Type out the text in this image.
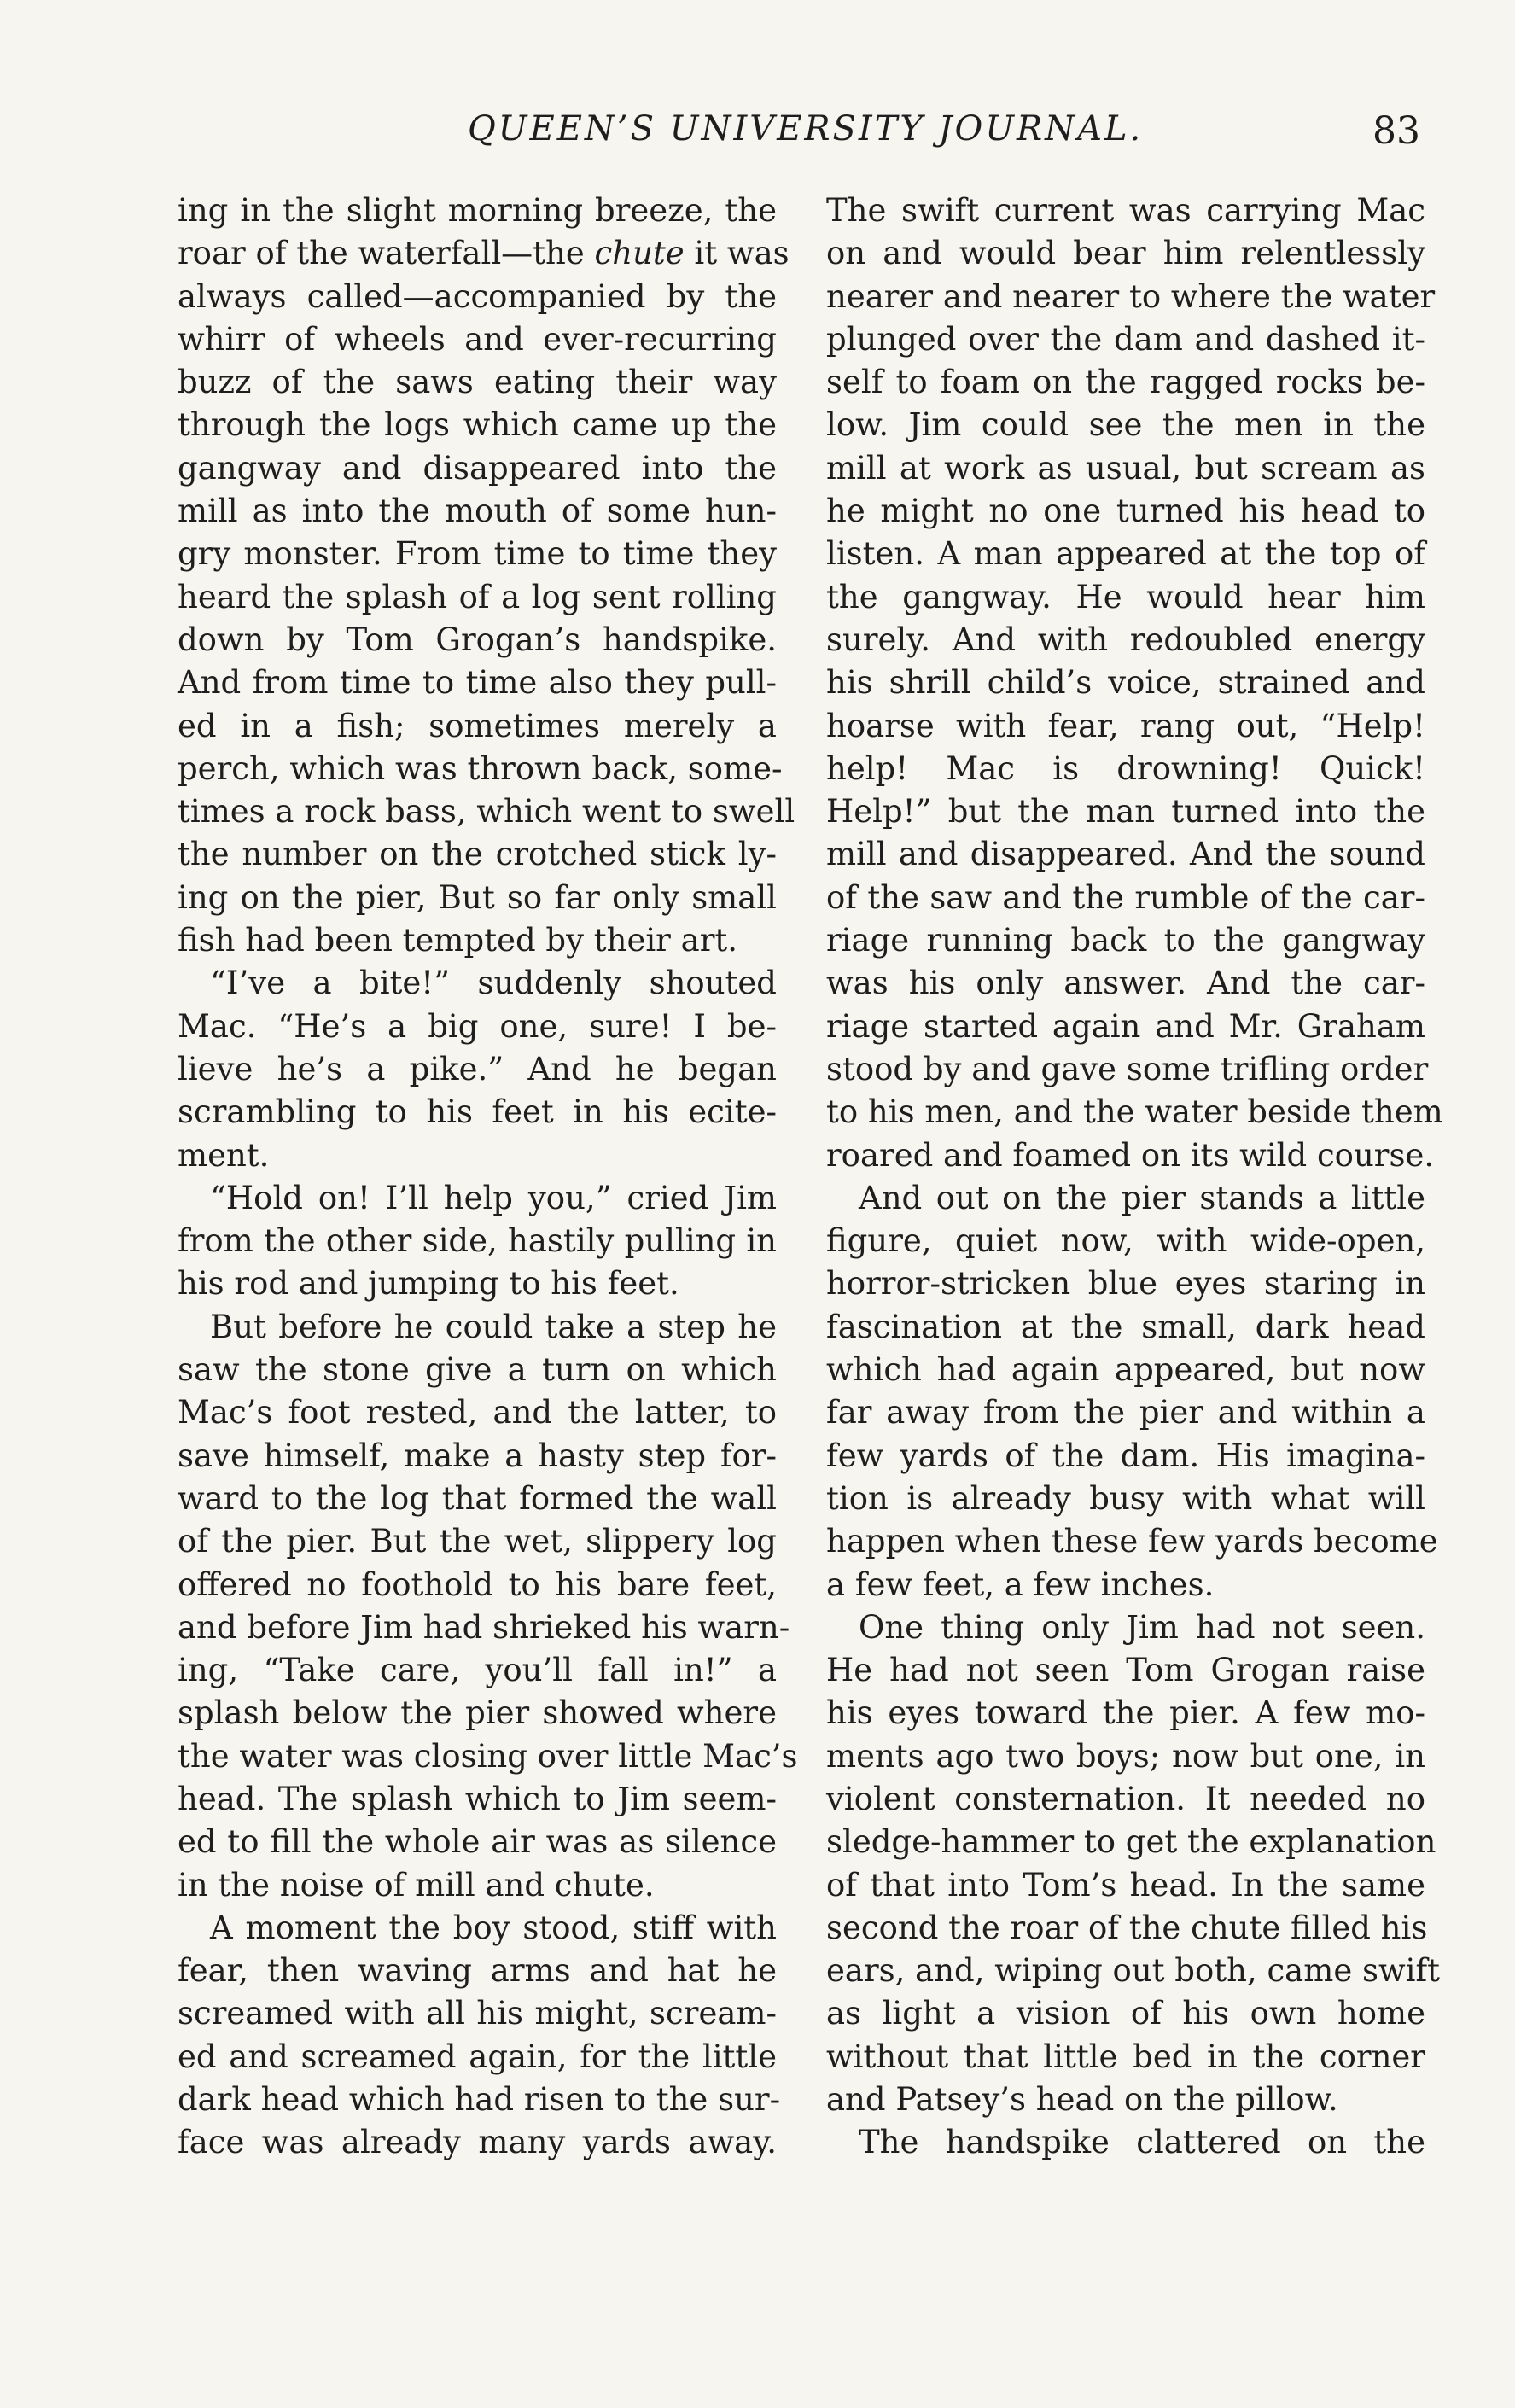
QUEEN’S UNIVERSITY JOURNAL.	83
ing in the slight morning breeze, the
roar of the waterfall—the chute it was
always called—accompanied by the
whirr of wheels and ever-recurring
buzz of the saws eating their way
through the logs which came up the
gangway and disappeared into the
mill as into the mouth of some hun-
gry monster. From time to time they
heard the splash of a log sent rolling
down by Tom Grogan’s handspike.
And from time to time also they pull-
ed in a fish; sometimes merely a
perch, which was thrown back, some-
times a rock bass, which went to swell
the number on the crotched stick ly-
ing on the pier, But so far only small
fish had been tempted by their art.
“I’ve a bite!” suddenly shouted
Mac. “He’s a big one, sure! I be-
lieve he’s a pike.” And he began
scrambling to his feet in his ecite-
ment.
“Hold on! I’ll help you,” cried Jim
from the other side, hastily pulling in
his rod and jumping to his feet.
But before he could take a step he
saw the stone give a turn on which
Mac’s foot rested, and the latter, to
save himself, make a hasty step for-
ward to the log that formed the wall
of the pier. But the wet, slippery log
offered no foothold to his bare feet,
and before Jim had shrieked his warn-
ing, “Take care, you’ll fall in!” a
splash below the pier showed where
the water was closing over little Mac’s
head. The splash which to Jim seem-
ed to fill the whole air was as silence
in the noise of mill and chute.
A moment the boy stood, stiff with
fear, then waving arms and hat he
screamed with all his might, scream-
ed and screamed again, for the little
dark head which had risen to the sur-
face was already many yards away.
The swift current was carrying Mac
on and would bear him relentlessly
nearer and nearer to where the water
plunged over the dam and dashed it-
self to foam on the ragged rocks be-
low. Jim could see the men in the
mill at work as usual, but scream as
he might no one turned his head to
listen. A man appeared at the top of
the gangway. He would hear him
surely. And with redoubled energy
his shrill child’s voice, strained and
hoarse with fear, rang out, “Help!
help! Mac is drowning! Quick!
Help!” but the man turned into the
mill and disappeared. And the sound
of the saw and the rumble of the car-
riage running back to the gangway
was his only answer. And the car-
riage started again and Mr. Graham
stood by and gave some trifling order
to his men, and the water beside them
roared and foamed on its wild course.
And out on the pier stands a little
figure, quiet now, with wide-open,
horror-stricken blue eyes staring in
fascination at the small, dark head
which had again appeared, but now
far away from the pier and within a
few yards of the dam. His imagina-
tion is already busy with what will
happen when these few yards become
a few feet, a few inches.
One thing only Jim had not seen.
He had not seen Tom Grogan raise
his eyes toward the pier. A few mo-
ments ago two boys; now but one, in
violent consternation. It needed no
sledge-hammer to get the explanation
of that into Tom’s head. In the same
second the roar of the chute filled his
ears, and, wiping out both, came swift
as light a vision of his own home
without that little bed in the corner
and Patsey’s head on the pillow.
The handspike clattered on the
